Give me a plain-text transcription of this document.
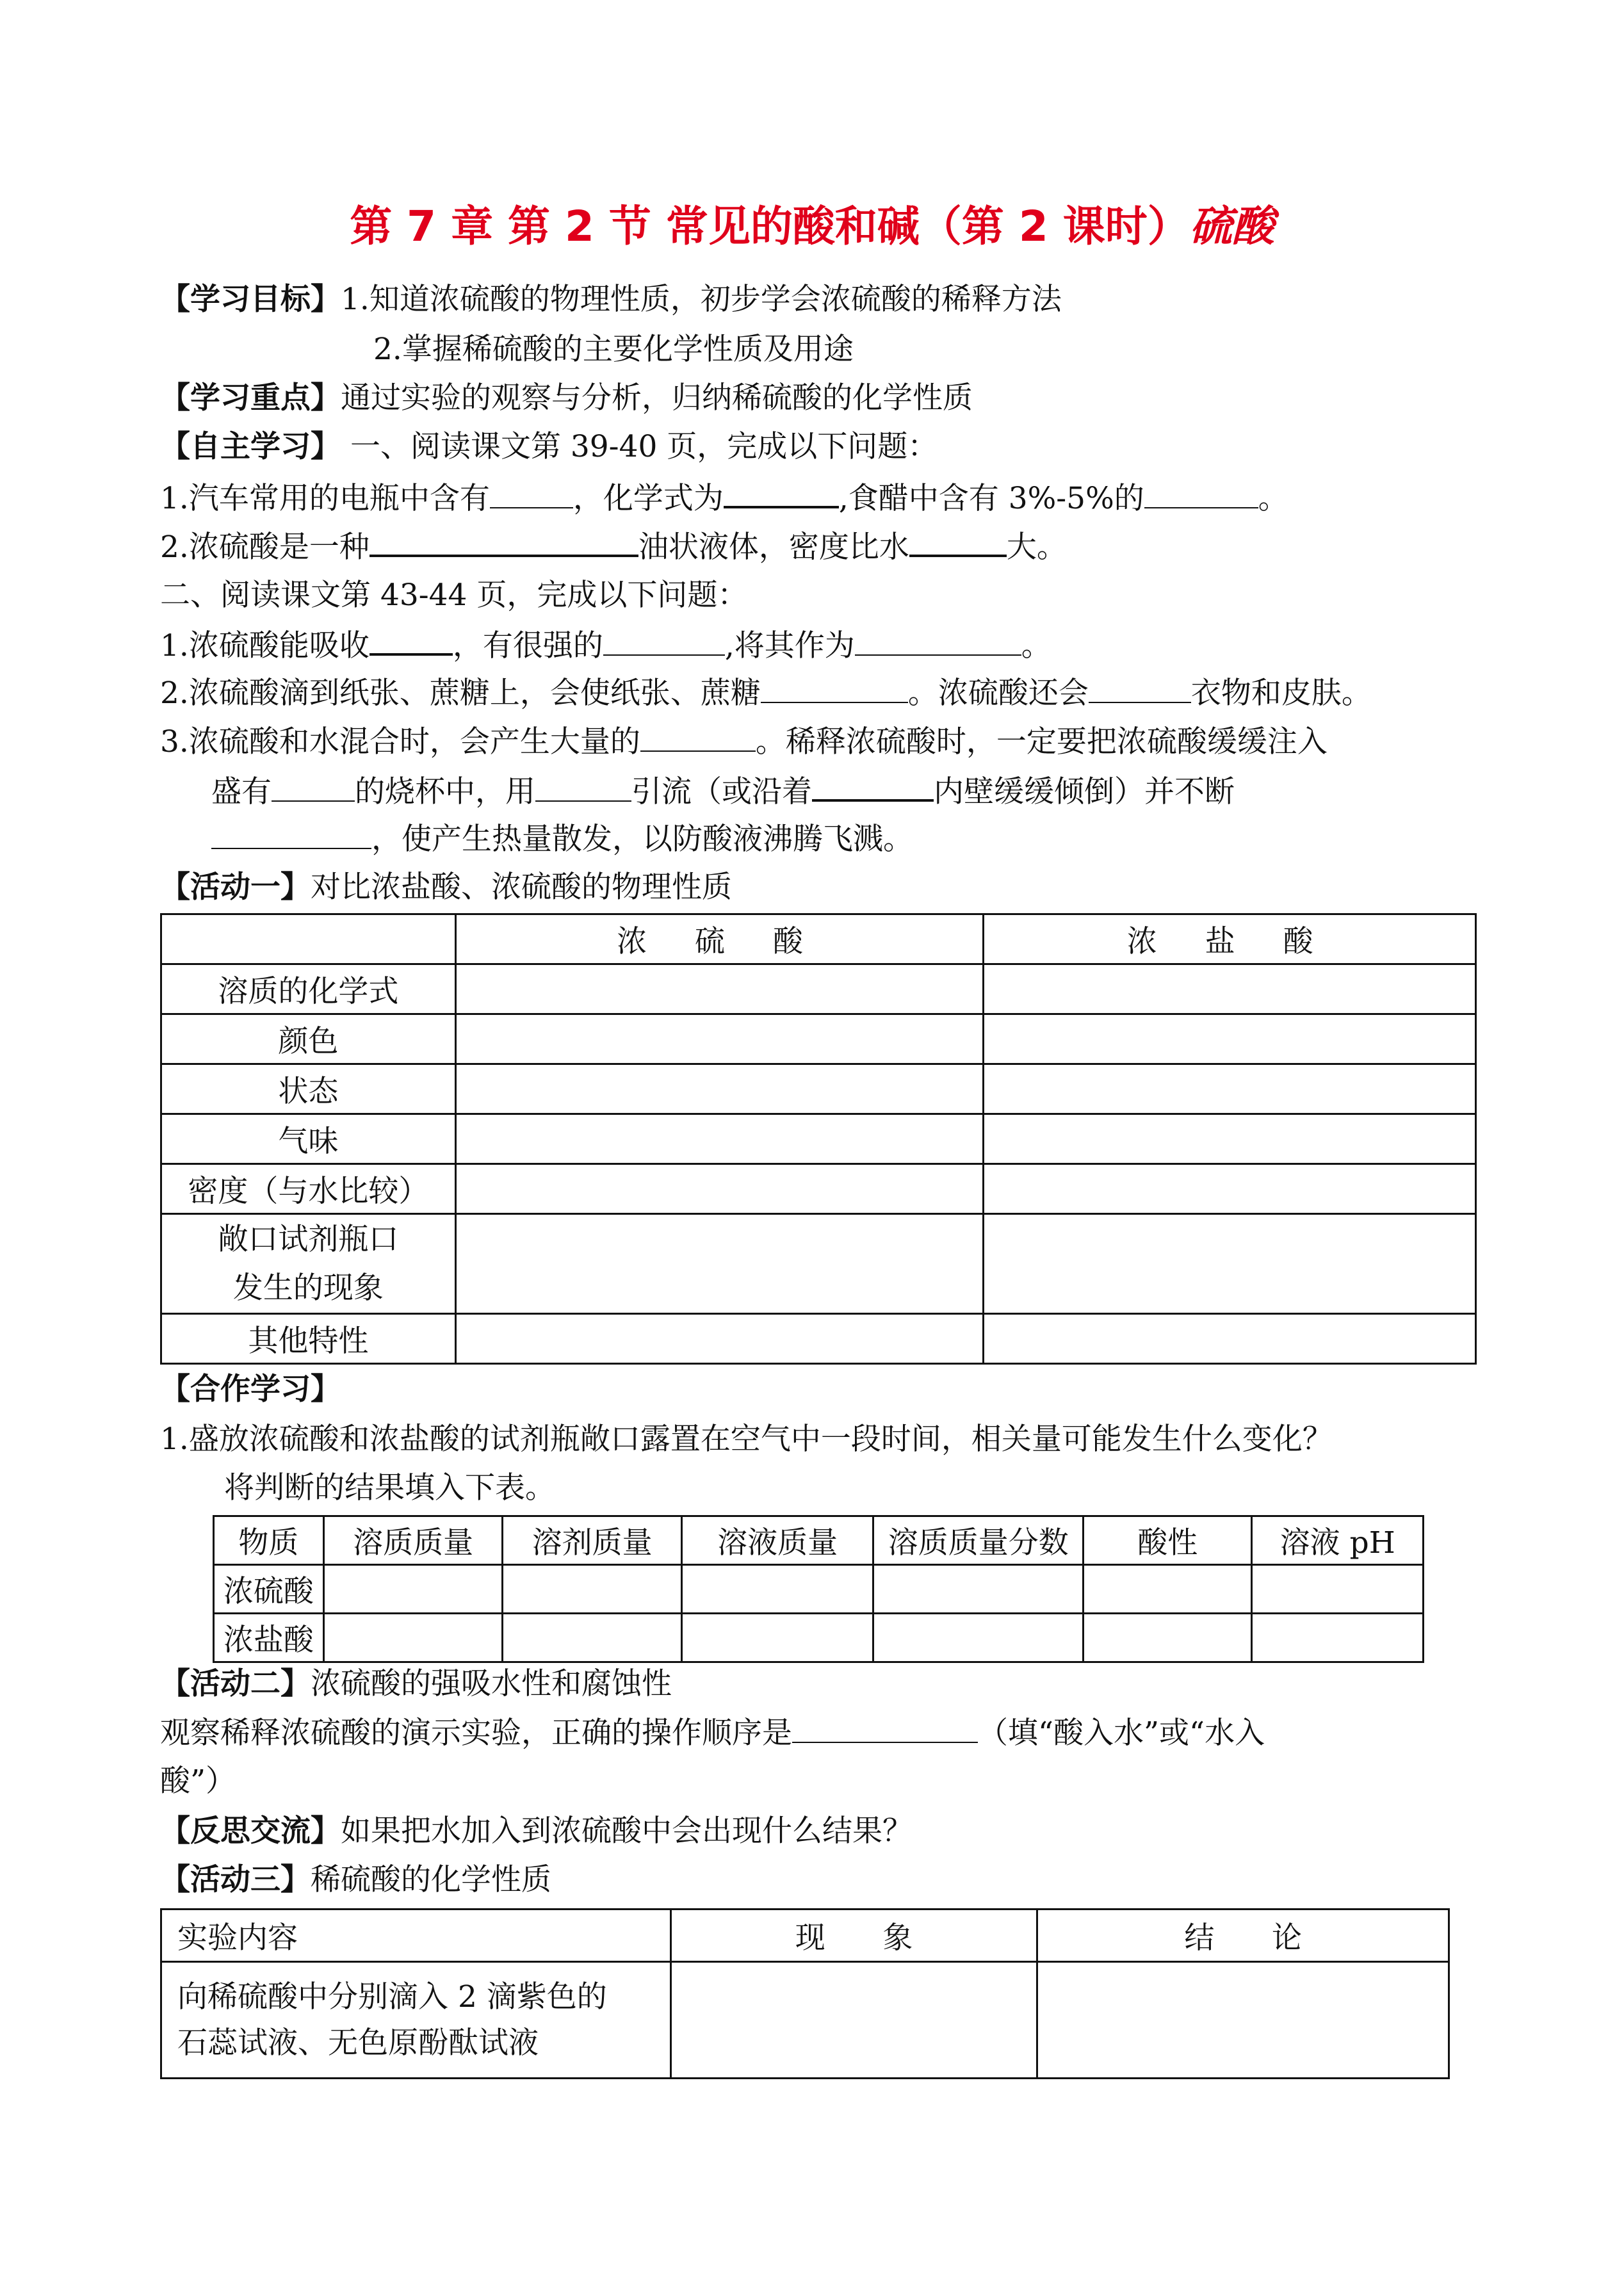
第 7 章 第 2 节 常见的酸和碱（第 2 课时）硫酸
【学习目标】1.知道浓硫酸的物理性质，初步学会浓硫酸的稀释方法
2.掌握稀硫酸的主要化学性质及用途
【学习重点】通过实验的观察与分析，归纳稀硫酸的化学性质
【自主学习】 一、阅读课文第 39-40 页，完成以下问题：
1.汽车常用的电瓶中含有	，化学式为	,食醋中含有 3%-5%的	。
2.浓硫酸是一种	油状液体，密度比水	大。
二、阅读课文第 43-44 页，完成以下问题：
1.浓硫酸能吸收	，有很强的	,将其作为	。
2.浓硫酸滴到纸张、蔗糖上，会使纸张、蔗糖	。浓硫酸还会	衣物和皮肤。
3.浓硫酸和水混合时，会产生大量的	。稀释浓硫酸时，一定要把浓硫酸缓缓注入
盛有	的烧杯中，用	引流（或沿着	内壁缓缓倾倒）并不断
，使产生热量散发，以防酸液沸腾飞溅。
【活动一】对比浓盐酸、浓硫酸的物理性质
	浓 硫 酸	浓 盐 酸
溶质的化学式		
颜色		
状态		
气味		
密度（与水比较）		

敞口试剂瓶口
发生的现象		

其他特性		
【合作学习】
1.盛放浓硫酸和浓盐酸的试剂瓶敞口露置在空气中一段时间，相关量可能发生什么变化？
将判断的结果填入下表。
物质	溶质质量	溶剂质量	溶液质量	溶质质量分数	酸性	溶液 pH
浓硫酸						
浓盐酸						
【活动二】浓硫酸的强吸水性和腐蚀性
观察稀释浓硫酸的演示实验，正确的操作顺序是	（填“酸入水”或“水入
酸”）
【反思交流】如果把水加入到浓硫酸中会出现什么结果？
【活动三】稀硫酸的化学性质
实验内容	现      象	结      论

向稀硫酸中分别滴入 2 滴紫色的
石蕊试液、无色原酚酞试液		
